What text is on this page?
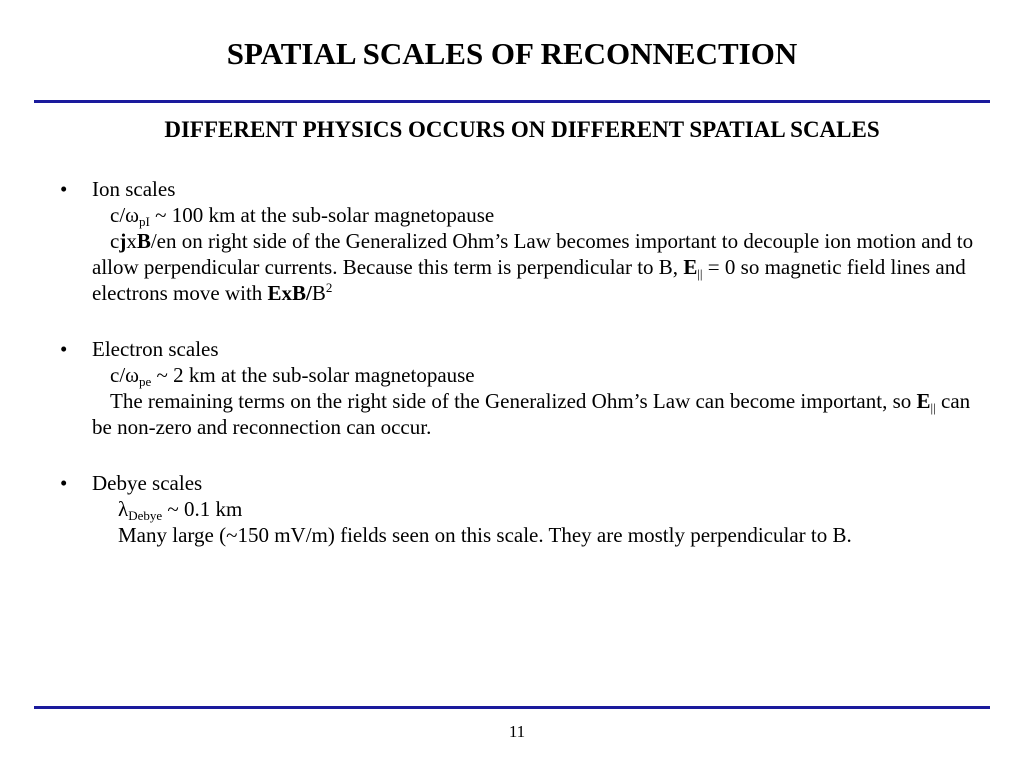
SPATIAL SCALES OF RECONNECTION
DIFFERENT PHYSICS OCCURS ON DIFFERENT SPATIAL SCALES
•	Ion scales
$c/\omega_{pI}$ ~ 100 km at the sub-solar magnetopause
cjxB/en on right side of the Generalized Ohm’s Law becomes important to decouple ion motion and to allow perpendicular currents. Because this term is perpendicular to B, $E_{||} = 0$ so magnetic field lines and electrons move with ExB/$B^2$
•	Electron scales
$c/\omega_{pe}$ ~ 2 km at the sub-solar magnetopause
The remaining terms on the right side of the Generalized Ohm’s Law can become important, so $E_{||}$ can be non-zero and reconnection can occur.
•	Debye scales
$\lambda_{Debye}$ ~ 0.1 km
Many large (~150 mV/m) fields seen on this scale. They are mostly perpendicular to B.
11
